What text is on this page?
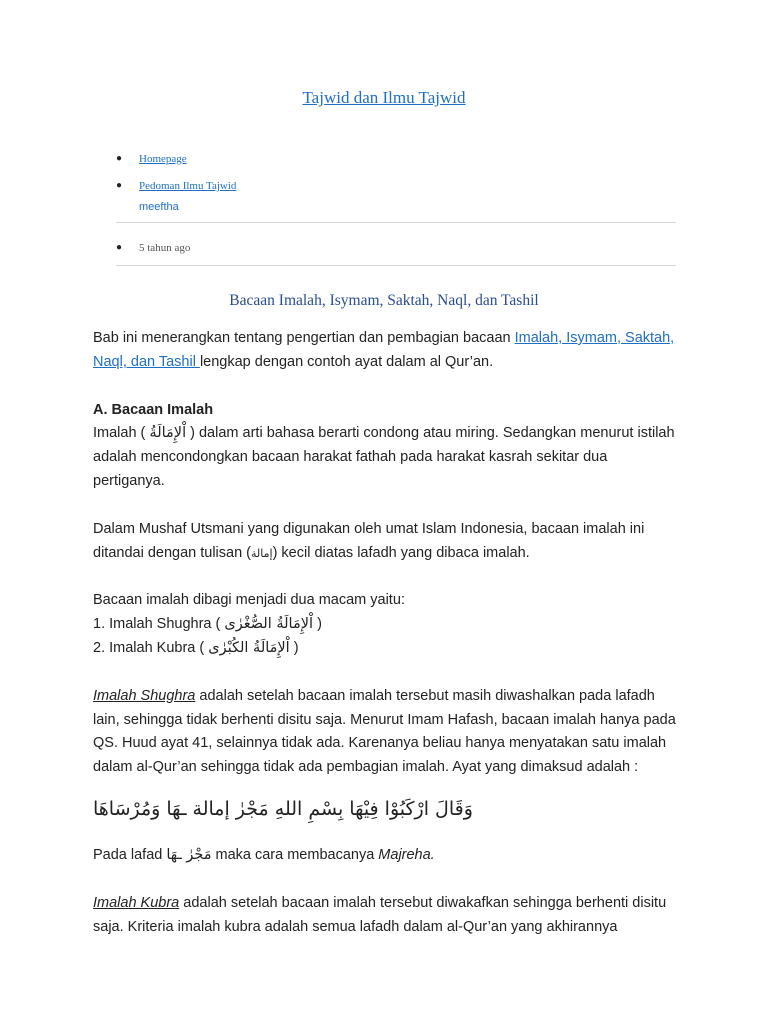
Tajwid dan Ilmu Tajwid
● Homepage
● Pedoman Ilmu Tajwid
meeftha
● 5 tahun ago
Bacaan Imalah, Isymam, Saktah, Naql, dan Tashil

Bab ini menerangkan tentang pengertian dan pembagian bacaan Imalah, Isymam, Saktah, Naql, dan Tashil lengkap dengan contoh ayat dalam al Qur’an.

A. Bacaan Imalah
Imalah ( اْلإِمَالَةُ ) dalam arti bahasa berarti condong atau miring. Sedangkan menurut istilah adalah mencondongkan bacaan harakat fathah pada harakat kasrah sekitar dua pertiganya.

Dalam Mushaf Utsmani yang digunakan oleh umat Islam Indonesia, bacaan imalah ini ditandai dengan tulisan (إمالة) kecil diatas lafadh yang dibaca imalah.

Bacaan imalah dibagi menjadi dua macam yaitu:
1. Imalah Shughra ( اْلإِمَالَةُ الصُّغْرٰى )
2. Imalah Kubra ( اْلإِمَالَةُ الكُبْرٰى )

Imalah Shughra adalah setelah bacaan imalah tersebut masih diwashalkan pada lafadh lain, sehingga tidak berhenti disitu saja. Menurut Imam Hafash, bacaan imalah hanya pada QS. Huud ayat 41, selainnya tidak ada. Karenanya beliau hanya menyatakan satu imalah dalam al-Qur’an sehingga tidak ada pembagian imalah. Ayat yang dimaksud adalah :

وَقَالَ ارْكَبُوْا فِيْهَا بِسْمِ اللهِ مَجْرٰ إمالة ـهَا وَمُرْسَاهَا

Pada lafad مَجْرٰ ـهَا maka cara membacanya Majreha.

Imalah Kubra adalah setelah bacaan imalah tersebut diwakafkan sehingga berhenti disitu saja. Kriteria imalah kubra adalah semua lafadh dalam al-Qur’an yang akhirannya
